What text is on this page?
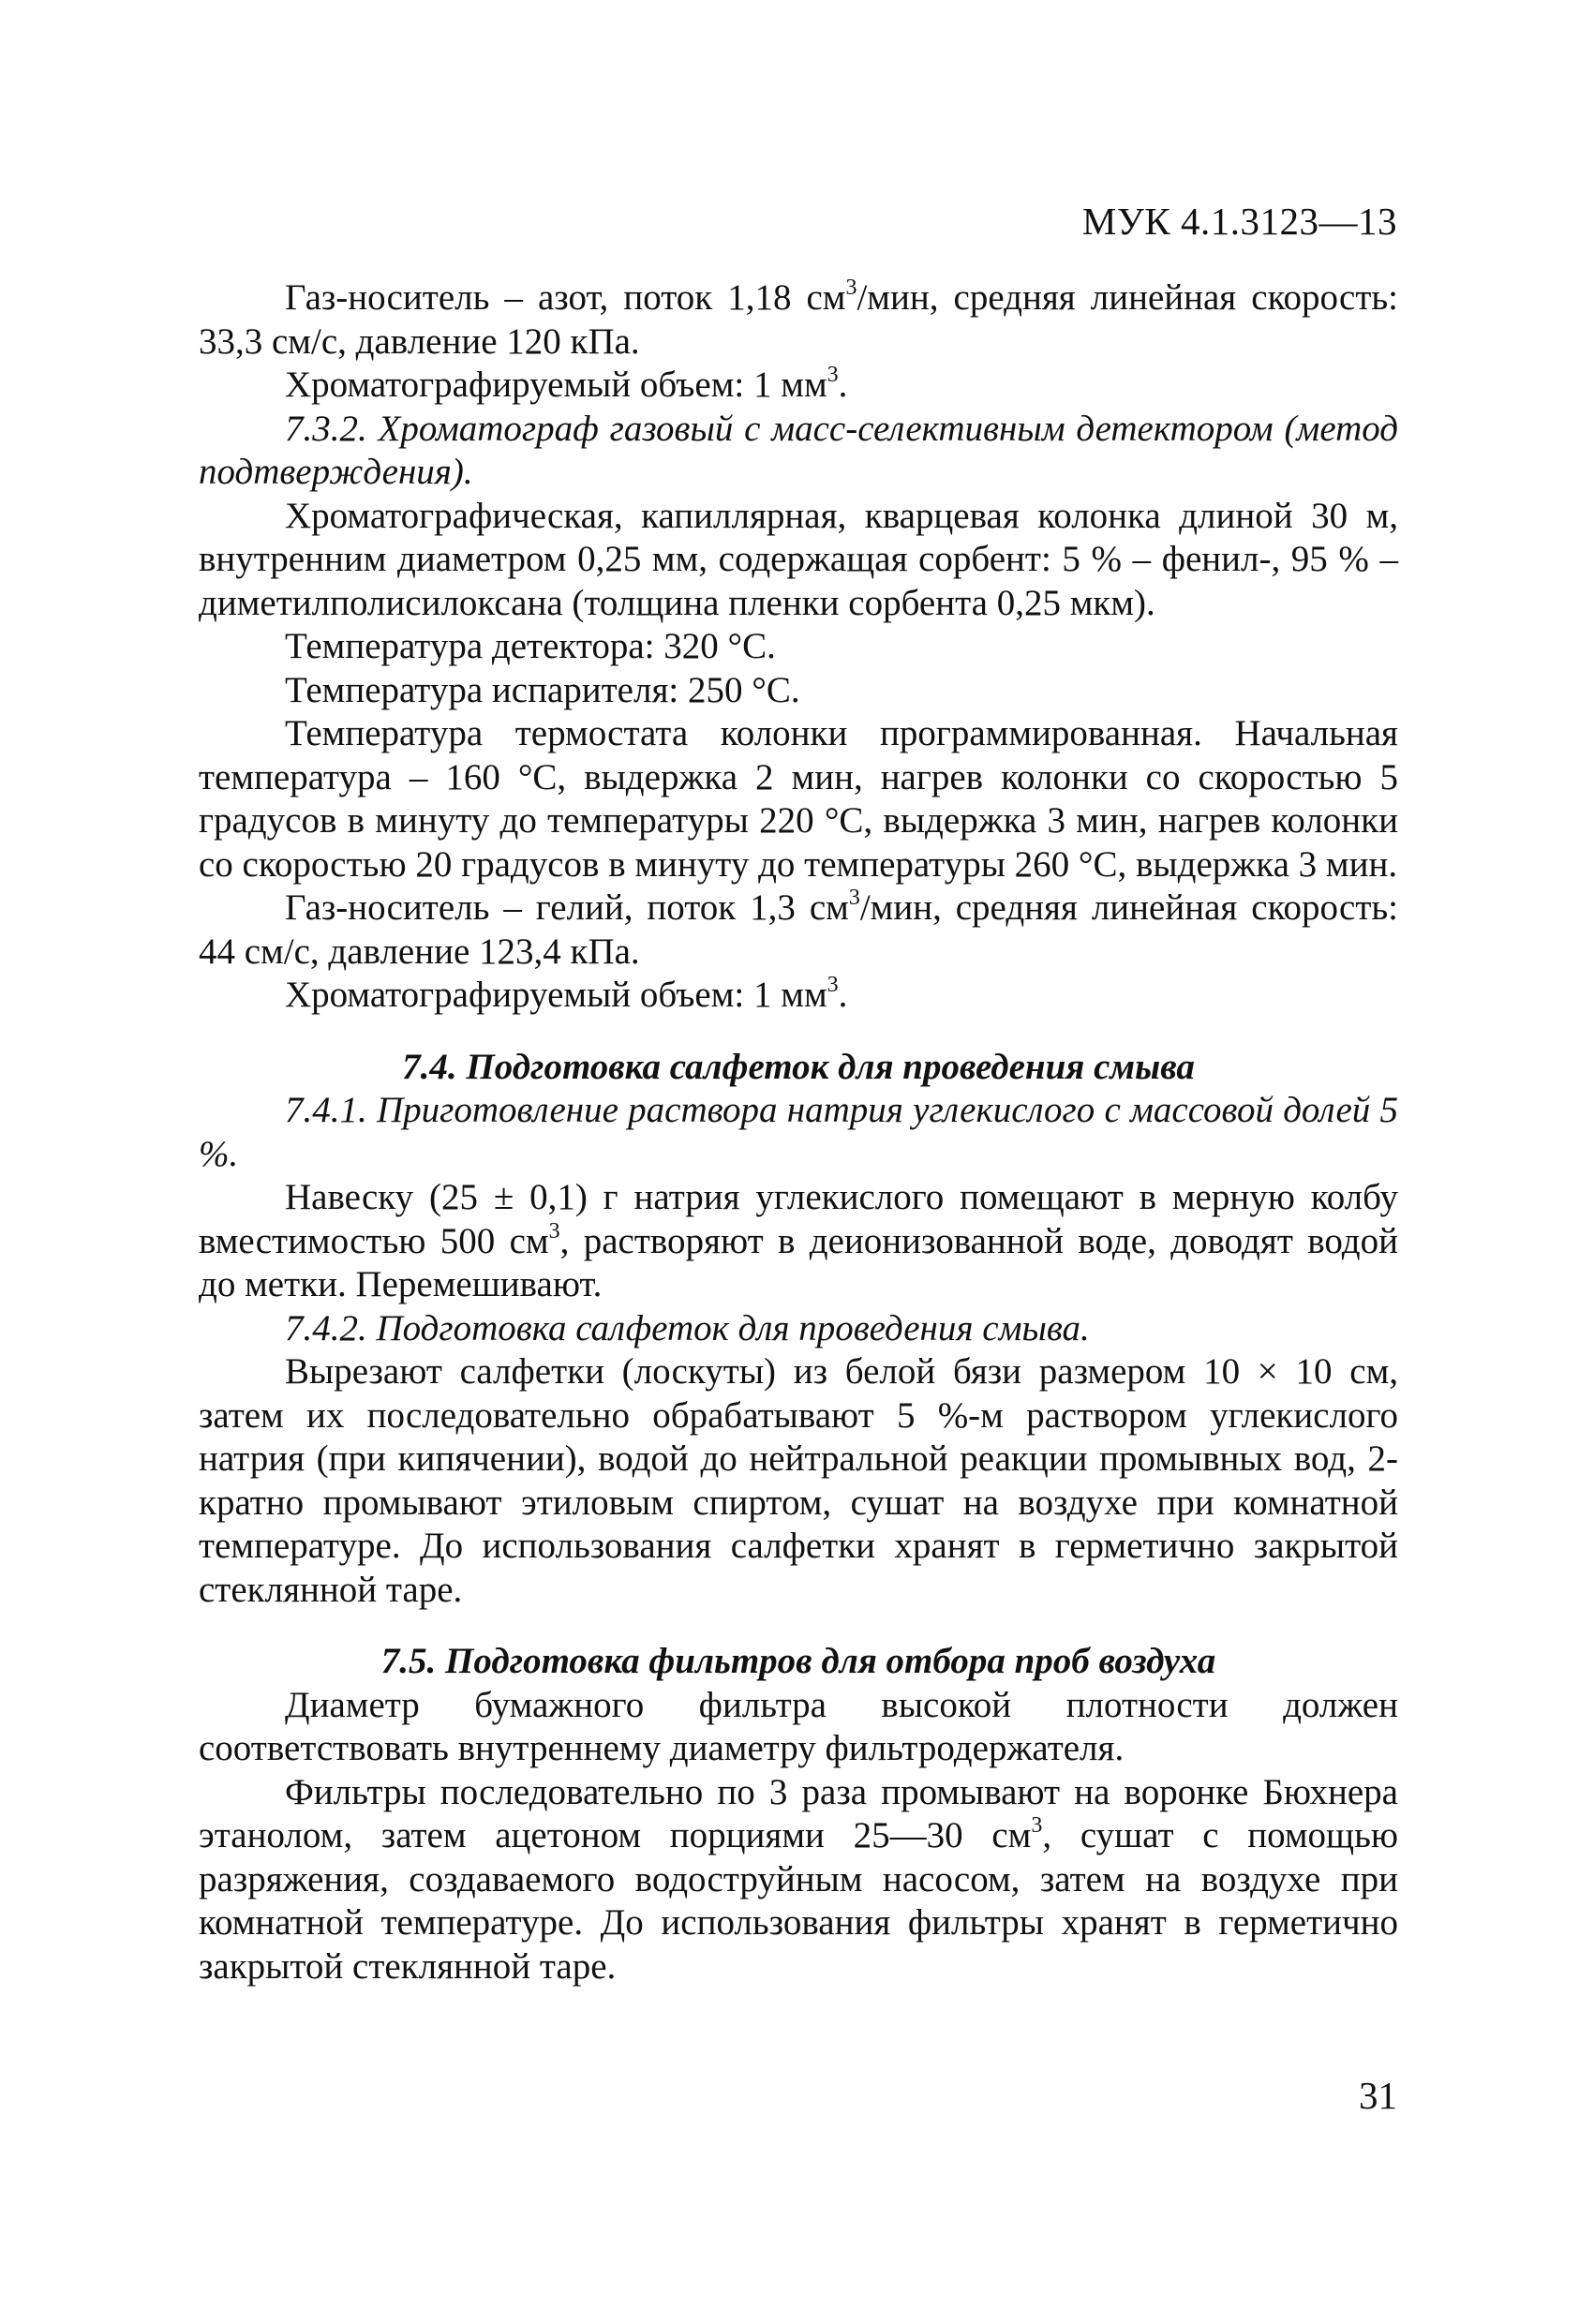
МУК 4.1.3123—13

Газ-носитель – азот, поток 1,18 $см^3$/мин, средняя линейная скорость: 33,3 см/с, давление 120 кПа.

Хроматографируемый объем: 1 $мм^3$.

7.3.2. Хроматограф газовый с масс-селективным детектором (метод подтверждения).

Хроматографическая, капиллярная, кварцевая колонка длиной 30 м, внутренним диаметром 0,25 мм, содержащая сорбент: 5 % – фенил-, 95 % – диметилполисилоксана (толщина пленки сорбента 0,25 мкм).

Температура детектора: 320 °С.

Температура испарителя: 250 °С.

Температура термостата колонки программированная. Начальная температура – 160 °С, выдержка 2 мин, нагрев колонки со скоростью 5 градусов в минуту до температуры 220 °С, выдержка 3 мин, нагрев колонки со скоростью 20 градусов в минуту до температуры 260 °С, выдержка 3 мин.

Газ-носитель – гелий, поток 1,3 $см^3$/мин, средняя линейная скорость: 44 см/с, давление 123,4 кПа.

Хроматографируемый объем: 1 $мм^3$.

7.4. Подготовка салфеток для проведения смыва

7.4.1. Приготовление раствора натрия углекислого с массовой долей 5 %.

Навеску (25 ± 0,1) г натрия углекислого помещают в мерную колбу вместимостью 500 $см^3$, растворяют в деионизованной воде, доводят водой до метки. Перемешивают.

7.4.2. Подготовка салфеток для проведения смыва.

Вырезают салфетки (лоскуты) из белой бязи размером 10 × 10 см, затем их последовательно обрабатывают 5 %-м раствором углекислого натрия (при кипячении), водой до нейтральной реакции промывных вод, 2-кратно промывают этиловым спиртом, сушат на воздухе при комнатной температуре. До использования салфетки хранят в герметично закрытой стеклянной таре.

7.5. Подготовка фильтров для отбора проб воздуха

Диаметр бумажного фильтра высокой плотности должен соответствовать внутреннему диаметру фильтродержателя.

Фильтры последовательно по 3 раза промывают на воронке Бюхнера этанолом, затем ацетоном порциями 25—30 $см^3$, сушат с помощью разряжения, создаваемого водоструйным насосом, затем на воздухе при комнатной температуре. До использования фильтры хранят в герметично закрытой стеклянной таре.

31
